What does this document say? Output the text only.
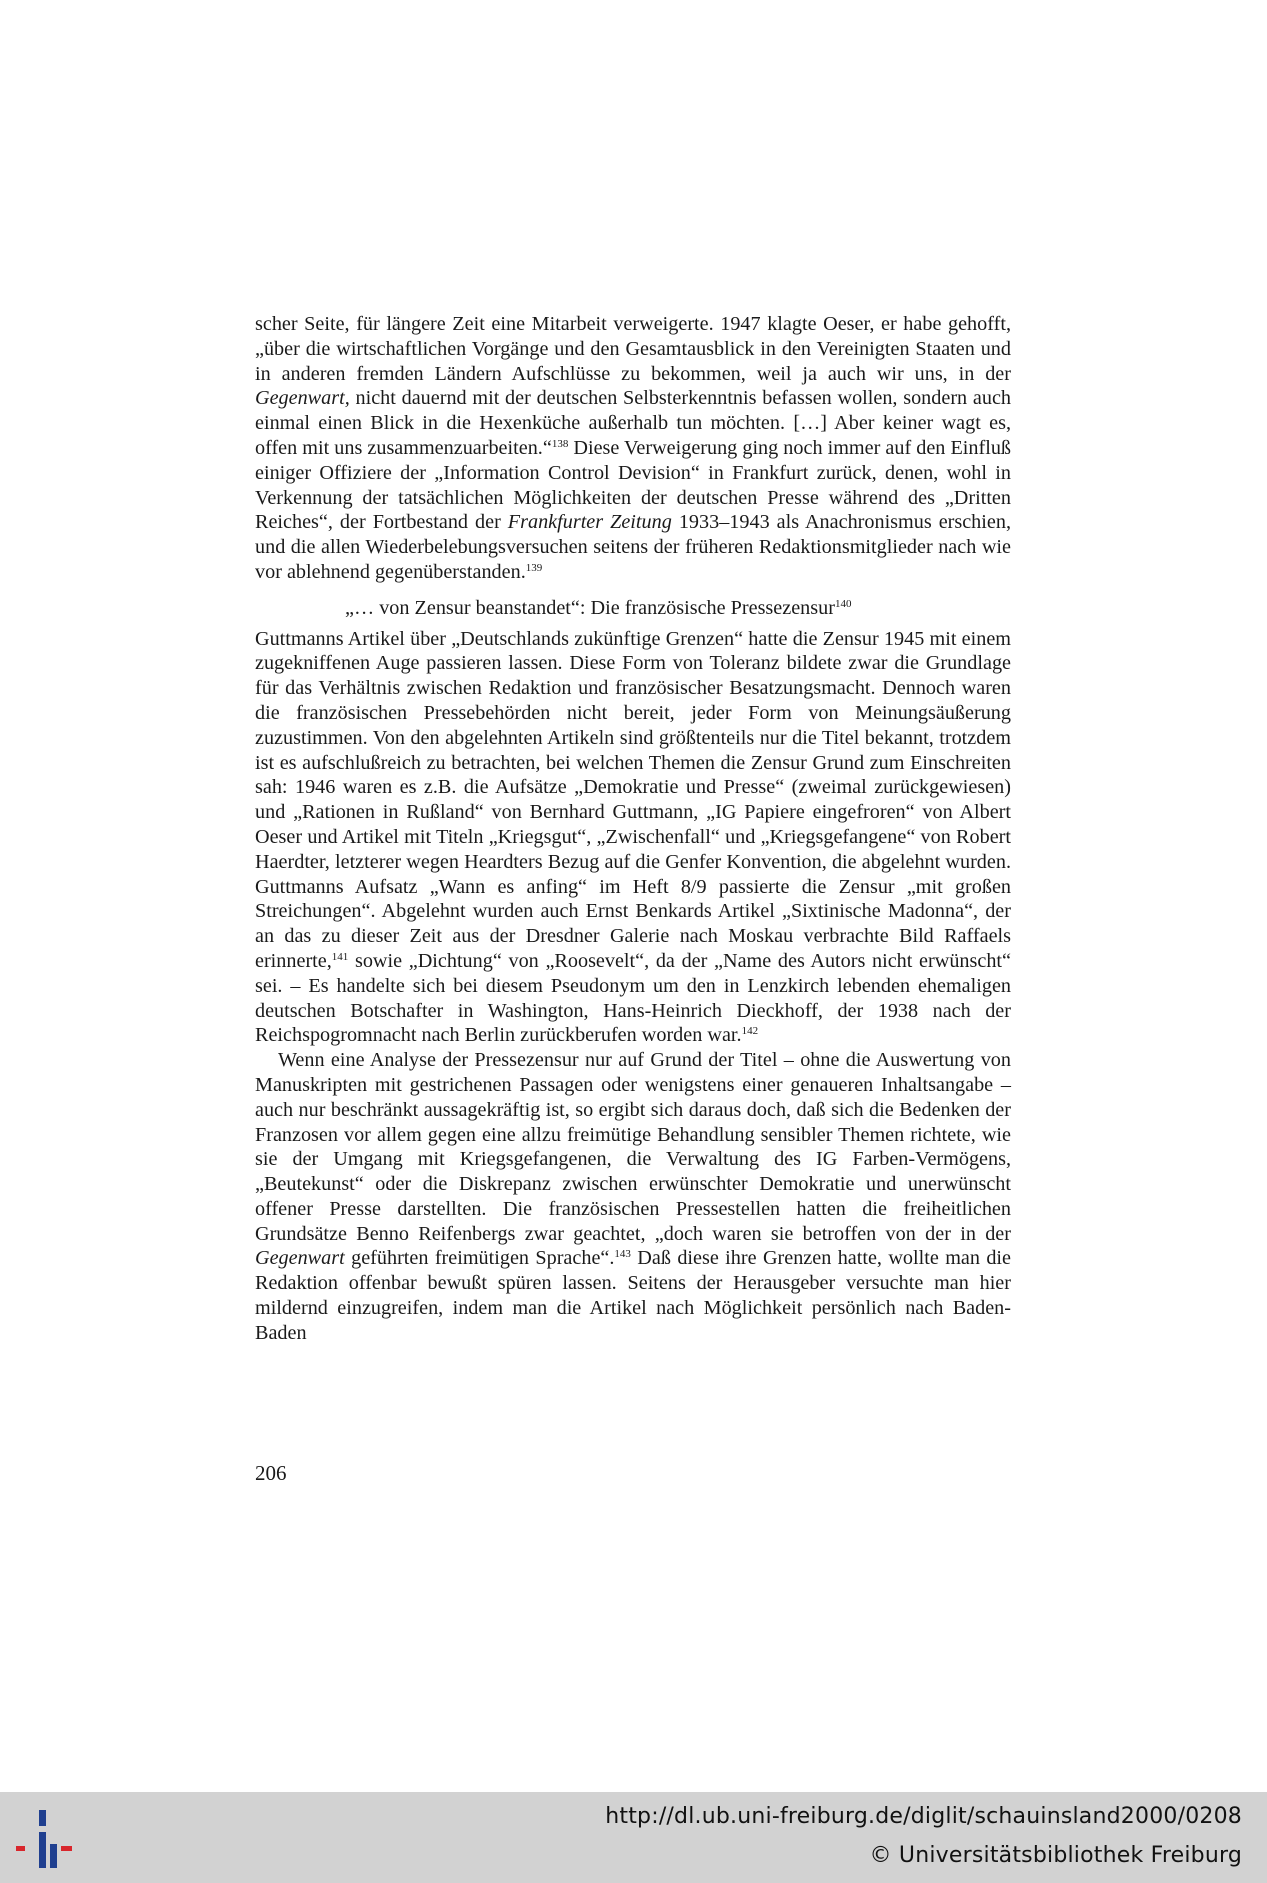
scher Seite, für längere Zeit eine Mitarbeit verweigerte. 1947 klagte Oeser, er habe gehofft, „über die wirtschaftlichen Vorgänge und den Gesamtausblick in den Vereinigten Staaten und in anderen fremden Ländern Aufschlüsse zu bekommen, weil ja auch wir uns, in der Gegenwart, nicht dauernd mit der deutschen Selbsterkenntnis befassen wollen, sondern auch einmal einen Blick in die Hexenküche außerhalb tun möchten. […] Aber keiner wagt es, offen mit uns zusammenzuarbeiten.“$^{138}$ Diese Verweigerung ging noch immer auf den Einfluß einiger Offiziere der „Information Control Devision“ in Frankfurt zurück, denen, wohl in Verkennung der tatsächlichen Möglichkeiten der deutschen Presse während des „Dritten Reiches“, der Fortbestand der Frankfurter Zeitung 1933–1943 als Anachronismus erschien, und die allen Wiederbelebungsversuchen seitens der früheren Redaktionsmitglieder nach wie vor ablehnend gegenüberstanden.$^{139}$

„… von Zensur beanstandet“: Die französische Pressezensur$^{140}$

Guttmanns Artikel über „Deutschlands zukünftige Grenzen“ hatte die Zensur 1945 mit einem zugekniffenen Auge passieren lassen. Diese Form von Toleranz bildete zwar die Grundlage für das Verhältnis zwischen Redaktion und französischer Besatzungsmacht. Dennoch waren die französischen Pressebehörden nicht bereit, jeder Form von Meinungsäußerung zuzustimmen. Von den abgelehnten Artikeln sind größtenteils nur die Titel bekannt, trotzdem ist es aufschlußreich zu betrachten, bei welchen Themen die Zensur Grund zum Einschreiten sah: 1946 waren es z.B. die Aufsätze „Demokratie und Presse“ (zweimal zurückgewiesen) und „Rationen in Rußland“ von Bernhard Guttmann, „IG Papiere eingefroren“ von Albert Oeser und Artikel mit Titeln „Kriegsgut“, „Zwischenfall“ und „Kriegsgefangene“ von Robert Haerdter, letzterer wegen Heardters Bezug auf die Genfer Konvention, die abgelehnt wurden. Guttmanns Aufsatz „Wann es anfing“ im Heft 8/9 passierte die Zensur „mit großen Streichungen“. Abgelehnt wurden auch Ernst Benkards Artikel „Sixtinische Madonna“, der an das zu dieser Zeit aus der Dresdner Galerie nach Moskau verbrachte Bild Raffaels erinnerte,$^{141}$ sowie „Dichtung“ von „Roosevelt“, da der „Name des Autors nicht erwünscht“ sei. – Es handelte sich bei diesem Pseudonym um den in Lenzkirch lebenden ehemaligen deutschen Botschafter in Washington, Hans-Heinrich Dieckhoff, der 1938 nach der Reichspogromnacht nach Berlin zurückberufen worden war.$^{142}$

Wenn eine Analyse der Pressezensur nur auf Grund der Titel – ohne die Auswertung von Manuskripten mit gestrichenen Passagen oder wenigstens einer genaueren Inhaltsangabe – auch nur beschränkt aussagekräftig ist, so ergibt sich daraus doch, daß sich die Bedenken der Franzosen vor allem gegen eine allzu freimütige Behandlung sensibler Themen richtete, wie sie der Umgang mit Kriegsgefangenen, die Verwaltung des IG Farben-Vermögens, „Beutekunst“ oder die Diskrepanz zwischen erwünschter Demokratie und unerwünscht offener Presse darstellten. Die französischen Pressestellen hatten die freiheitlichen Grundsätze Benno Reifenbergs zwar geachtet, „doch waren sie betroffen von der in der Gegenwart geführten freimütigen Sprache“.$^{143}$ Daß diese ihre Grenzen hatte, wollte man die Redaktion offenbar bewußt spüren lassen. Seitens der Herausgeber versuchte man hier mildernd einzugreifen, indem man die Artikel nach Möglichkeit persönlich nach Baden-Baden

206
http://dl.ub.uni-freiburg.de/diglit/schauinsland2000/0208
© Universitätsbibliothek Freiburg
